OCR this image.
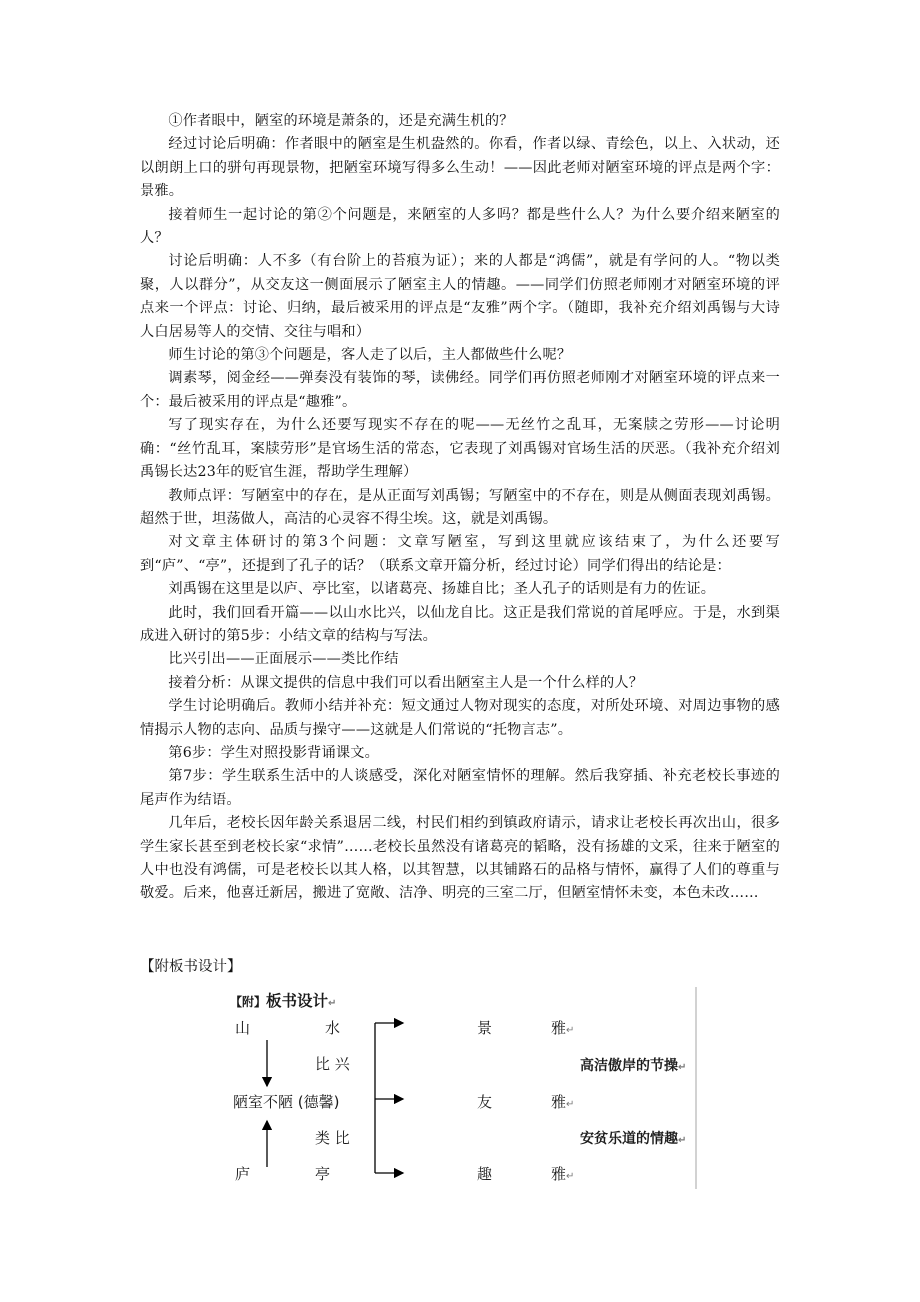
①作者眼中，陋室的环境是萧条的，还是充满生机的？

经过讨论后明确：作者眼中的陋室是生机盎然的。你看，作者以绿、青绘色，以上、入状动，还以朗朗上口的骈句再现景物，把陋室环境写得多么生动！——因此老师对陋室环境的评点是两个字：景雅。

接着师生一起讨论的第②个问题是，来陋室的人多吗？都是些什么人？为什么要介绍来陋室的人？

讨论后明确：人不多（有台阶上的苔痕为证）；来的人都是“鸿儒”，就是有学问的人。“物以类聚，人以群分”，从交友这一侧面展示了陋室主人的情趣。——同学们仿照老师刚才对陋室环境的评点来一个评点：讨论、归纳，最后被采用的评点是“友雅”两个字。（随即，我补充介绍刘禹锡与大诗人白居易等人的交情、交往与唱和）

师生讨论的第③个问题是，客人走了以后，主人都做些什么呢？

调素琴，阅金经——弹奏没有装饰的琴，读佛经。同学们再仿照老师刚才对陋室环境的评点来一个：最后被采用的评点是“趣雅”。

写了现实存在，为什么还要写现实不存在的呢——无丝竹之乱耳，无案牍之劳形——讨论明确：“丝竹乱耳，案牍劳形”是官场生活的常态，它表现了刘禹锡对官场生活的厌恶。（我补充介绍刘禹锡长达23年的贬官生涯，帮助学生理解）

教师点评：写陋室中的存在，是从正面写刘禹锡；写陋室中的不存在，则是从侧面表现刘禹锡。超然于世，坦荡做人，高洁的心灵容不得尘埃。这，就是刘禹锡。

对文章主体研讨的第3个问题：文章写陋室，写到这里就应该结束了，为什么还要写到“庐”、“亭”，还提到了孔子的话？（联系文章开篇分析，经过讨论）同学们得出的结论是：

刘禹锡在这里是以庐、亭比室，以诸葛亮、扬雄自比；圣人孔子的话则是有力的佐证。

此时，我们回看开篇——以山水比兴，以仙龙自比。这正是我们常说的首尾呼应。于是，水到渠成进入研讨的第5步：小结文章的结构与写法。

比兴引出——正面展示——类比作结

接着分析：从课文提供的信息中我们可以看出陋室主人是一个什么样的人？

学生讨论明确后。教师小结并补充：短文通过人物对现实的态度，对所处环境、对周边事物的感情揭示人物的志向、品质与操守——这就是人们常说的“托物言志”。

第6步：学生对照投影背诵课文。

第7步：学生联系生活中的人谈感受，深化对陋室情怀的理解。然后我穿插、补充老校长事迹的尾声作为结语。

几年后，老校长因年龄关系退居二线，村民们相约到镇政府请示，请求让老校长再次出山，很多学生家长甚至到老校长家“求情”……老校长虽然没有诸葛亮的韬略，没有扬雄的文采，往来于陋室的人中也没有鸿儒，可是老校长以其人格，以其智慧，以其铺路石的品格与情怀，赢得了人们的尊重与敬爱。后来，他喜迁新居，搬进了宽敞、洁净、明亮的三室二厅，但陋室情怀未变，本色未改……

【附板书设计】
【附】板书设计↵
山	水
比 兴
陋室不陋 (德馨)
类 比
庐	亭
景	雅↵
友	雅↵
趣	雅↵
高洁傲岸的节操↵
安贫乐道的情趣↵
